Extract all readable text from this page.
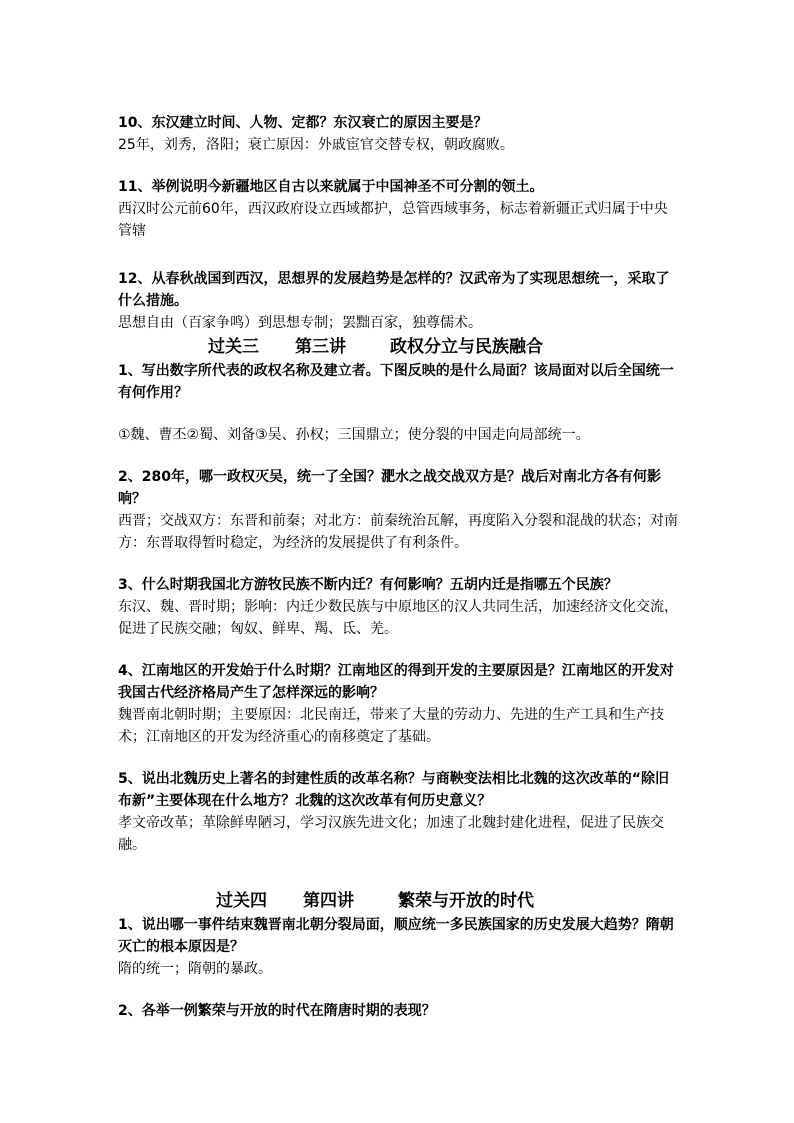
10、东汉建立时间、人物、定都？东汉衰亡的原因主要是？
25年，刘秀，洛阳；衰亡原因：外戚宦官交替专权，朝政腐败。
11、举例说明今新疆地区自古以来就属于中国神圣不可分割的领土。
西汉时公元前60年，西汉政府设立西域都护，总管西域事务，标志着新疆正式归属于中央管辖
12、从春秋战国到西汉，思想界的发展趋势是怎样的？汉武帝为了实现思想统一，采取了什么措施。
思想自由（百家争鸣）到思想专制；罢黜百家，独尊儒术。
过关三 第三讲	政权分立与民族融合
1、写出数字所代表的政权名称及建立者。下图反映的是什么局面？该局面对以后全国统一有何作用？
①魏、曹丕②蜀、刘备③吴、孙权；三国鼎立；使分裂的中国走向局部统一。
2、280年，哪一政权灭吴，统一了全国？淝水之战交战双方是？战后对南北方各有何影响？
西晋；交战双方：东晋和前秦；对北方：前秦统治瓦解，再度陷入分裂和混战的状态；对南方：东晋取得暂时稳定，为经济的发展提供了有利条件。
3、什么时期我国北方游牧民族不断内迁？有何影响？五胡内迁是指哪五个民族？
东汉、魏、晋时期；影响：内迁少数民族与中原地区的汉人共同生活，加速经济文化交流，促进了民族交融；匈奴、鲜卑、羯、氐、羌。
4、江南地区的开发始于什么时期？江南地区的得到开发的主要原因是？江南地区的开发对我国古代经济格局产生了怎样深远的影响？
魏晋南北朝时期；主要原因：北民南迁，带来了大量的劳动力、先进的生产工具和生产技术；江南地区的开发为经济重心的南移奠定了基础。
5、说出北魏历史上著名的封建性质的改革名称？与商鞅变法相比北魏的这次改革的“除旧布新”主要体现在什么地方？北魏的这次改革有何历史意义？
孝文帝改革；革除鲜卑陋习，学习汉族先进文化；加速了北魏封建化进程，促进了民族交融。
过关四 第四讲	繁荣与开放的时代
1、说出哪一事件结束魏晋南北朝分裂局面，顺应统一多民族国家的历史发展大趋势？隋朝灭亡的根本原因是？
隋的统一；隋朝的暴政。
2、各举一例繁荣与开放的时代在隋唐时期的表现？
